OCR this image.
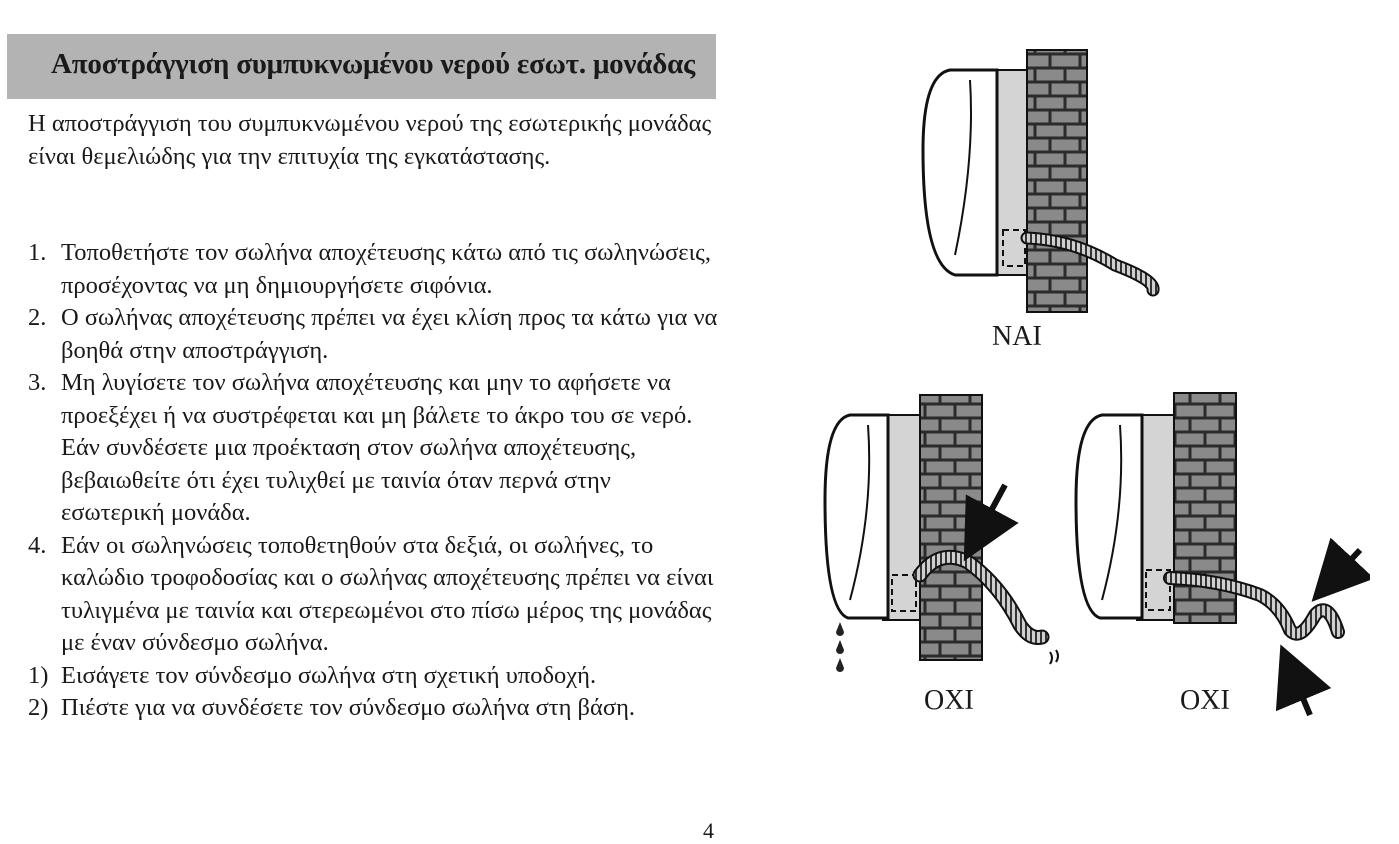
Αποστράγγιση συμπυκνωμένου νερού εσωτ. μονάδας
Η αποστράγγιση του συμπυκνωμένου νερού της εσωτερικής μονάδας είναι θεμελιώδης για την επιτυχία της εγκατάστασης.
1. Τοποθετήστε τον σωλήνα αποχέτευσης κάτω από τις σωληνώσεις, προσέχοντας να μη δημιουργήσετε σιφόνια.
2. Ο σωλήνας αποχέτευσης πρέπει να έχει κλίση προς τα κάτω για να βοηθά στην αποστράγγιση.
3. Μη λυγίσετε τον σωλήνα αποχέτευσης και μην το αφήσετε να προεξέχει ή να συστρέφεται και μη βάλετε το άκρο του σε νερό. Εάν συνδέσετε μια προέκταση στον σωλήνα αποχέτευσης, βεβαιωθείτε ότι έχει τυλιχθεί με ταινία όταν περνά στην εσωτερική μονάδα.
4. Εάν οι σωληνώσεις τοποθετηθούν στα δεξιά, οι σωλήνες, το καλώδιο τροφοδοσίας και ο σωλήνας αποχέτευσης πρέπει να είναι τυλιγμένα με ταινία και στερεωμένοι στο πίσω μέρος της μονάδας με έναν σύνδεσμο σωλήνα.
1) Εισάγετε τον σύνδεσμο σωλήνα στη σχετική υποδοχή.
2) Πιέστε για να συνδέσετε τον σύνδεσμο σωλήνα στη βάση.
4
ΝΑΙ
ΟΧΙ	ΟΧΙ
